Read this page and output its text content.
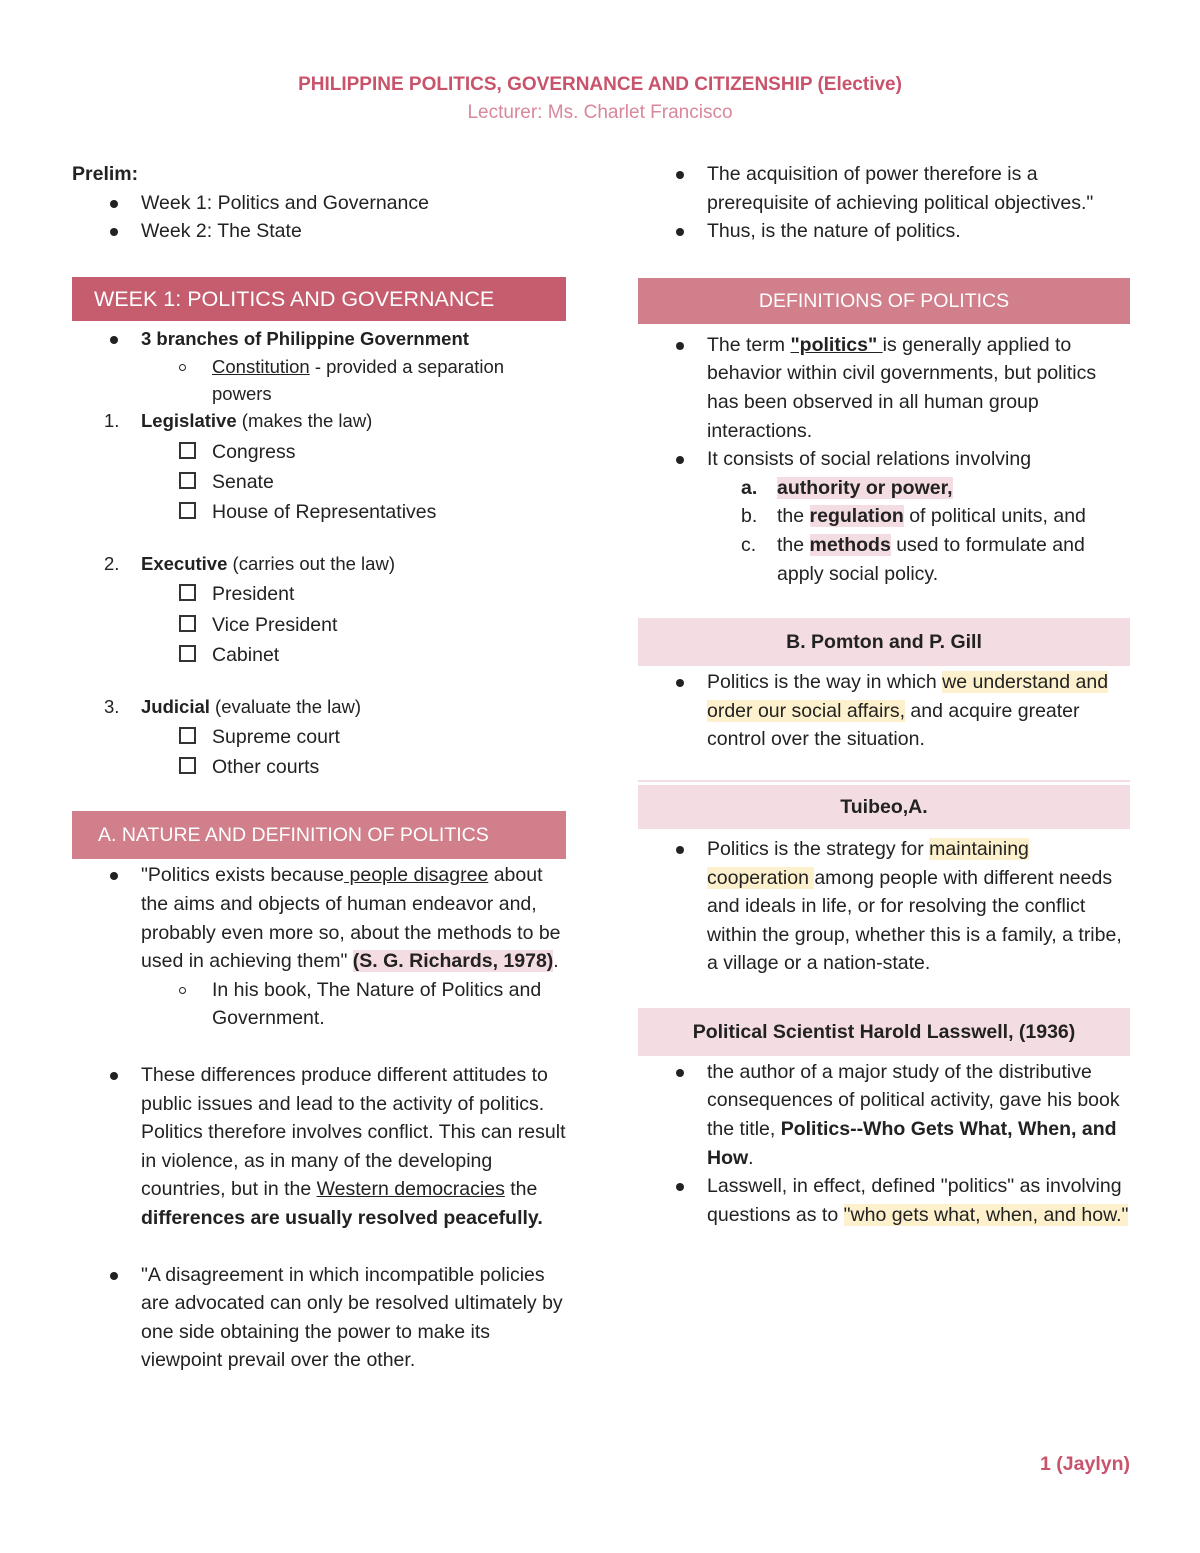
PHILIPPINE POLITICS, GOVERNANCE AND CITIZENSHIP (Elective)
Lecturer: Ms. Charlet Francisco
Prelim:
Week 1: Politics and Governance
Week 2: The State
WEEK 1: POLITICS AND GOVERNANCE
3 branches of Philippine Government
Constitution - provided a separation powers
1. Legislative (makes the law)
Congress
Senate
House of Representatives
2. Executive (carries out the law)
President
Vice President
Cabinet
3. Judicial (evaluate the law)
Supreme court
Other courts
A. NATURE AND DEFINITION OF POLITICS
"Politics exists because people disagree about the aims and objects of human endeavor and, probably even more so, about the methods to be used in achieving them" (S. G. Richards, 1978).
In his book, The Nature of Politics and Government.
These differences produce different attitudes to public issues and lead to the activity of politics. Politics therefore involves conflict. This can result in violence, as in many of the developing countries, but in the Western democracies the differences are usually resolved peacefully.
"A disagreement in which incompatible policies are advocated can only be resolved ultimately by one side obtaining the power to make its viewpoint prevail over the other.
The acquisition of power therefore is a prerequisite of achieving political objectives."
Thus, is the nature of politics.
DEFINITIONS OF POLITICS
The term "politics" is generally applied to behavior within civil governments, but politics has been observed in all human group interactions.
It consists of social relations involving
a. authority or power,
b. the regulation of political units, and
c. the methods used to formulate and apply social policy.
B. Pomton and P. Gill
Politics is the way in which we understand and order our social affairs, and acquire greater control over the situation.
Tuibeo,A.
Politics is the strategy for maintaining cooperation among people with different needs and ideals in life, or for resolving the conflict within the group, whether this is a family, a tribe, a village or a nation-state.
Political Scientist Harold Lasswell, (1936)
the author of a major study of the distributive consequences of political activity, gave his book the title, Politics--Who Gets What, When, and How.
Lasswell, in effect, defined "politics" as involving questions as to "who gets what, when, and how."
1 (Jaylyn)
